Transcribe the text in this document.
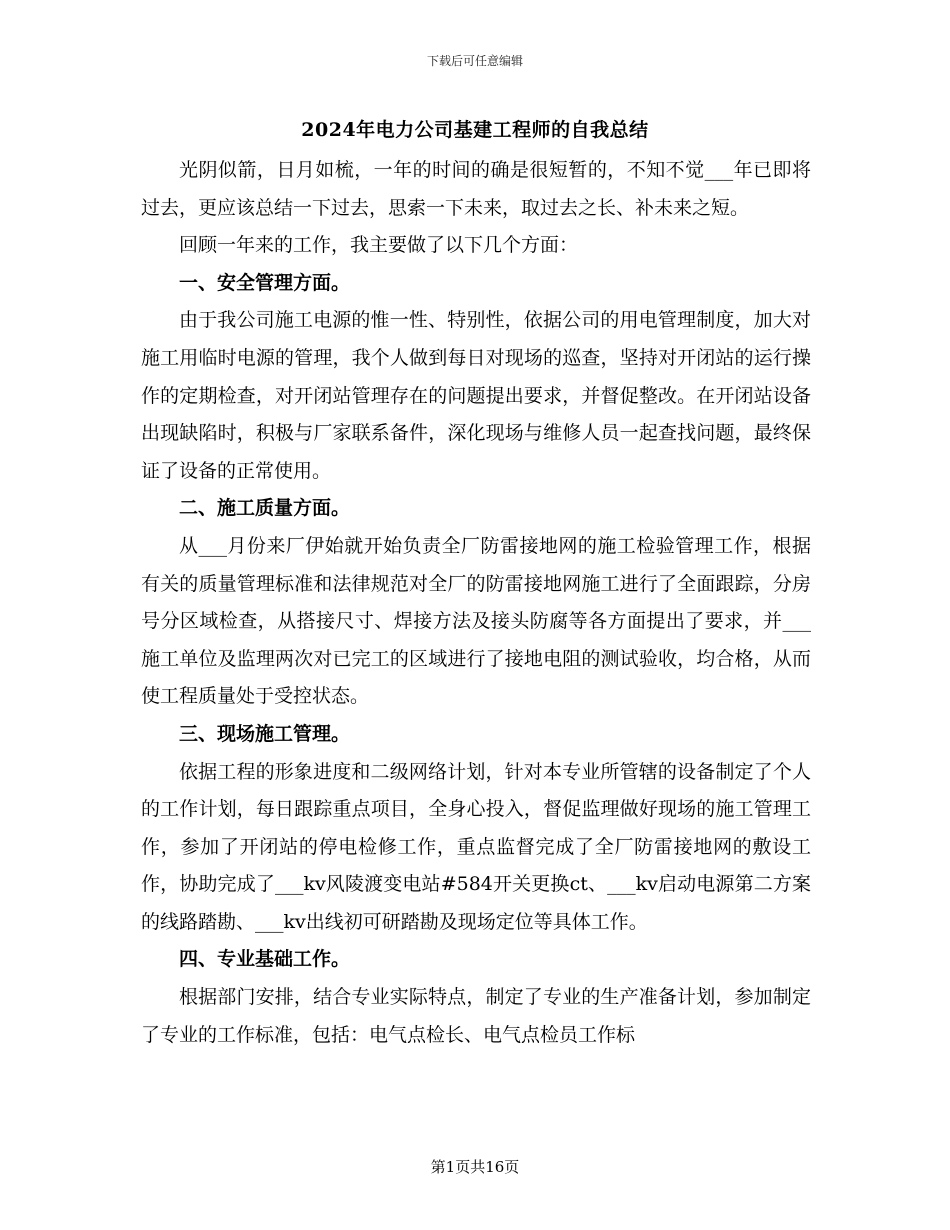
下载后可任意编辑
2024年电力公司基建工程师的自我总结

光阴似箭，日月如梳，一年的时间的确是很短暂的，不知不觉___年已即将过去，更应该总结一下过去，思索一下未来，取过去之长、补未来之短。

回顾一年来的工作，我主要做了以下几个方面：

一、安全管理方面。

由于我公司施工电源的惟一性、特别性，依据公司的用电管理制度，加大对施工用临时电源的管理，我个人做到每日对现场的巡查，坚持对开闭站的运行操作的定期检查，对开闭站管理存在的问题提出要求，并督促整改。在开闭站设备出现缺陷时，积极与厂家联系备件，深化现场与维修人员一起查找问题，最终保证了设备的正常使用。

二、施工质量方面。

从___月份来厂伊始就开始负责全厂防雷接地网的施工检验管理工作，根据有关的质量管理标准和法律规范对全厂的防雷接地网施工进行了全面跟踪，分房号分区域检查，从搭接尺寸、焊接方法及接头防腐等各方面提出了要求，并___施工单位及监理两次对已完工的区域进行了接地电阻的测试验收，均合格，从而使工程质量处于受控状态。

三、现场施工管理。

依据工程的形象进度和二级网络计划，针对本专业所管辖的设备制定了个人的工作计划，每日跟踪重点项目，全身心投入，督促监理做好现场的施工管理工作，参加了开闭站的停电检修工作，重点监督完成了全厂防雷接地网的敷设工作，协助完成了___kv风陵渡变电站#584开关更换ct、___kv启动电源第二方案的线路踏勘、___kv出线初可研踏勘及现场定位等具体工作。

四、专业基础工作。

根据部门安排，结合专业实际特点，制定了专业的生产准备计划，参加制定了专业的工作标准，包括：电气点检长、电气点检员工作标

第1页共16页
